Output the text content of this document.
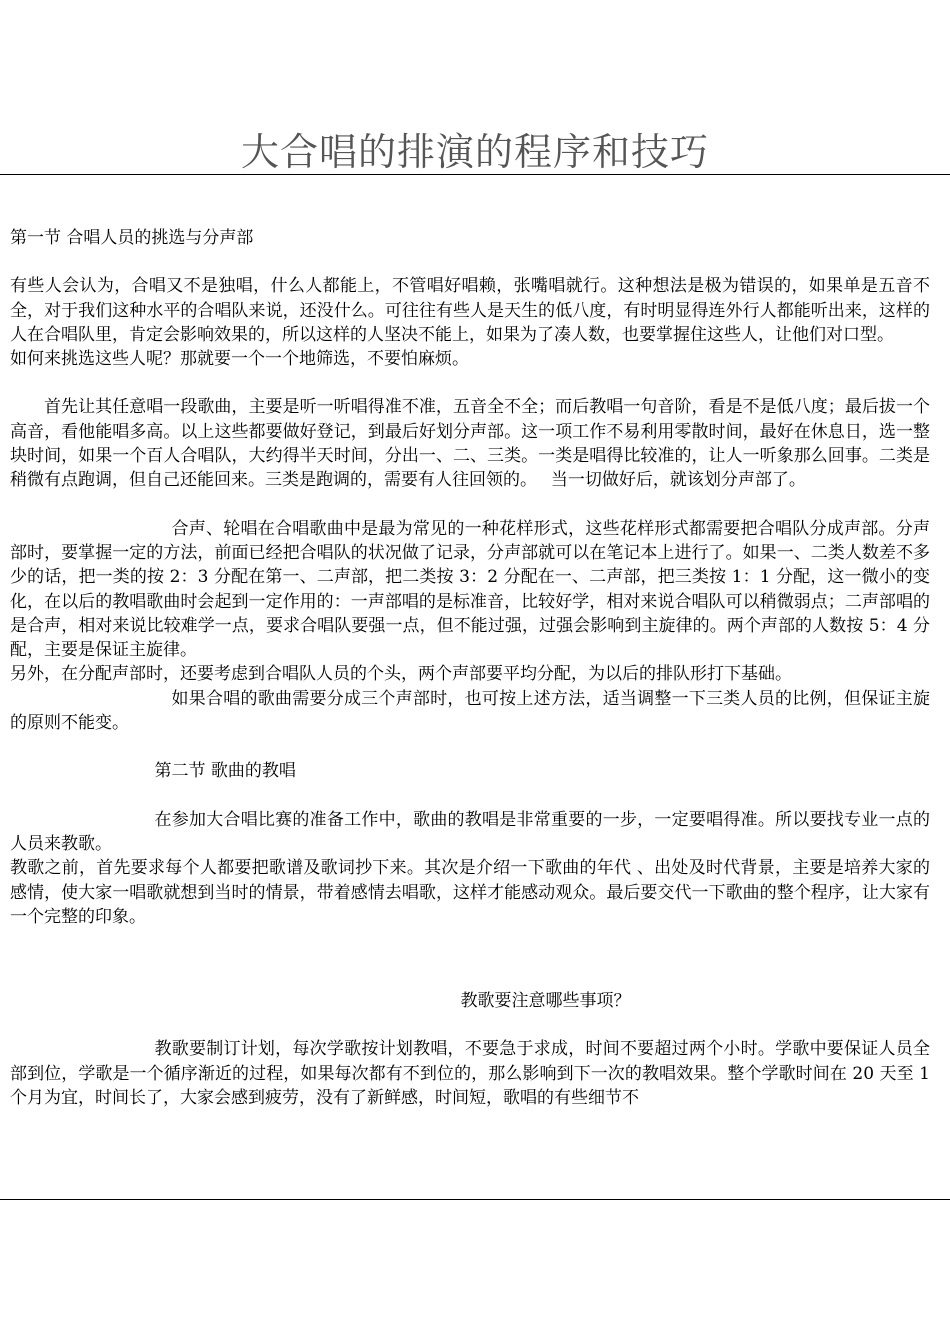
大合唱的排演的程序和技巧

第一节 合唱人员的挑选与分声部

有些人会认为，合唱又不是独唱，什么人都能上，不管唱好唱赖，张嘴唱就行。这种想法是极为错误的，如果单是五音不全，对于我们这种水平的合唱队来说，还没什么。可往往有些人是天生的低八度，有时明显得连外行人都能听出来，这样的人在合唱队里，肯定会影响效果的，所以这样的人坚决不能上，如果为了凑人数，也要掌握住这些人，让他们对口型。

如何来挑选这些人呢？那就要一个一个地筛选，不要怕麻烦。

首先让其任意唱一段歌曲，主要是听一听唱得准不准，五音全不全；而后教唱一句音阶，看是不是低八度；最后拔一个高音，看他能唱多高。以上这些都要做好登记，到最后好划分声部。这一项工作不易利用零散时间，最好在休息日，选一整块时间，如果一个百人合唱队，大约得半天时间，分出一、二、三类。一类是唱得比较准的，让人一听象那么回事。二类是稍微有点跑调，但自己还能回来。三类是跑调的，需要有人往回领的。　 当一切做好后，就该划分声部了。

合声、轮唱在合唱歌曲中是最为常见的一种花样形式，这些花样形式都需要把合唱队分成声部。分声部时，要掌握一定的方法，前面已经把合唱队的状况做了记录，分声部就可以在笔记本上进行了。如果一、二类人数差不多少的话，把一类的按 2：3 分配在第一、二声部，把二类按 3：2 分配在一、二声部，把三类按 1：1 分配，这一微小的变化，在以后的教唱歌曲时会起到一定作用的：一声部唱的是标准音，比较好学，相对来说合唱队可以稍微弱点；二声部唱的是合声，相对来说比较难学一点，要求合唱队要强一点，但不能过强，过强会影响到主旋律的。两个声部的人数按 5：4 分配，主要是保证主旋律。

另外，在分配声部时，还要考虑到合唱队人员的个头，两个声部要平均分配，为以后的排队形打下基础。

如果合唱的歌曲需要分成三个声部时，也可按上述方法，适当调整一下三类人员的比例，但保证主旋的原则不能变。

第二节 歌曲的教唱

在参加大合唱比赛的准备工作中，歌曲的教唱是非常重要的一步，一定要唱得准。所以要找专业一点的人员来教歌。

教歌之前，首先要求每个人都要把歌谱及歌词抄下来。其次是介绍一下歌曲的年代 、出处及时代背景，主要是培养大家的感情，使大家一唱歌就想到当时的情景，带着感情去唱歌，这样才能感动观众。最后要交代一下歌曲的整个程序，让大家有一个完整的印象。

教歌要注意哪些事项？

教歌要制订计划，每次学歌按计划教唱，不要急于求成，时间不要超过两个小时。学歌中要保证人员全部到位，学歌是一个循序渐近的过程，如果每次都有不到位的，那么影响到下一次的教唱效果。整个学歌时间在 20 天至 1 个月为宜，时间长了，大家会感到疲劳，没有了新鲜感，时间短，歌唱的有些细节不
